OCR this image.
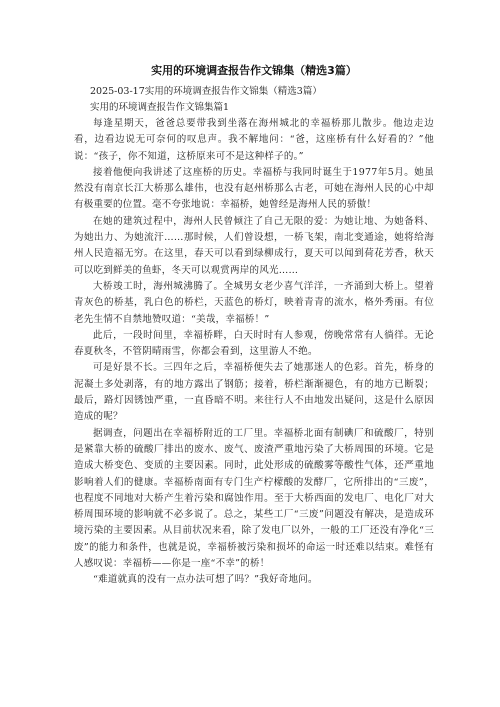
实用的环境调查报告作文锦集（精选3篇）
2025-03-17实用的环境调查报告作文锦集（精选3篇）
实用的环境调查报告作文锦集篇1
每逢星期天，爸爸总要带我到坐落在海州城北的幸福桥那儿散步。他边走边看，边看边说无可奈何的叹息声。我不解地问：“爸，这座桥有什么好看的？”他说：“孩子，你不知道，这桥原来可不是这种样子的。”
接着他便向我讲述了这座桥的历史。幸福桥与我同时诞生于1977年5月。她虽然没有南京长江大桥那么雄伟，也没有赵州桥那么古老，可她在海州人民的心中却有极重要的位置。毫不夸张地说：幸福桥，她曾经是海州人民的骄傲！
在她的建筑过程中，海州人民曾倾注了自己无限的爱：为她让地、为她备料、为她出力、为她流汗……那时候，人们曾设想，一桥飞架，南北变通途，她将给海州人民造福无穷。在这里，春天可以看到绿柳成行，夏天可以闻到荷花芳香，秋天可以吃到鲜美的鱼虾，冬天可以观赏两岸的风光……
大桥竣工时，海州城沸腾了。全城男女老少喜气洋洋，一齐涌到大桥上。望着青灰色的桥基，乳白色的桥栏，天蓝色的桥灯，映着青青的流水，格外秀丽。有位老先生情不自禁地赞叹道：“美哉，幸福桥！”
此后，一段时间里，幸福桥畔，白天时时有人参观，傍晚常常有人徜徉。无论春夏秋冬，不管阴晴雨雪，你都会看到，这里游人不绝。
可是好景不长。三四年之后，幸福桥便失去了她那迷人的色彩。首先，桥身的泥凝土多处剥落，有的地方露出了钢筋；接着，桥栏渐渐褪色，有的地方已断裂；最后，路灯因锈蚀严重，一直昏暗不明。来往行人不由地发出疑问，这是什么原因造成的呢？
据调查，问题出在幸福桥附近的工厂里。幸福桥北面有制碘厂和硫酸厂，特别是紧靠大桥的硫酸厂排出的废水、废气、废渣严重地污染了大桥周围的环境。它是造成大桥变色、变质的主要因素。同时，此处形成的硫酸雾等酸性气体，还严重地影响着人们的健康。幸福桥南面有专门生产柠檬酸的发酵厂，它所排出的“三废”，也程度不同地对大桥产生着污染和腐蚀作用。至于大桥西面的发电厂、电化厂对大桥周围环境的影响就不必多说了。总之，某些工厂“三废”问题没有解决，是造成环境污染的主要因素。从目前状况来看，除了发电厂以外，一般的工厂还没有净化“三废”的能力和条件，也就是说，幸福桥被污染和损坏的命运一时还难以结束。难怪有人感叹说：幸福桥——你是一座“不幸”的桥！
“难道就真的没有一点办法可想了吗？”我好奇地问。
